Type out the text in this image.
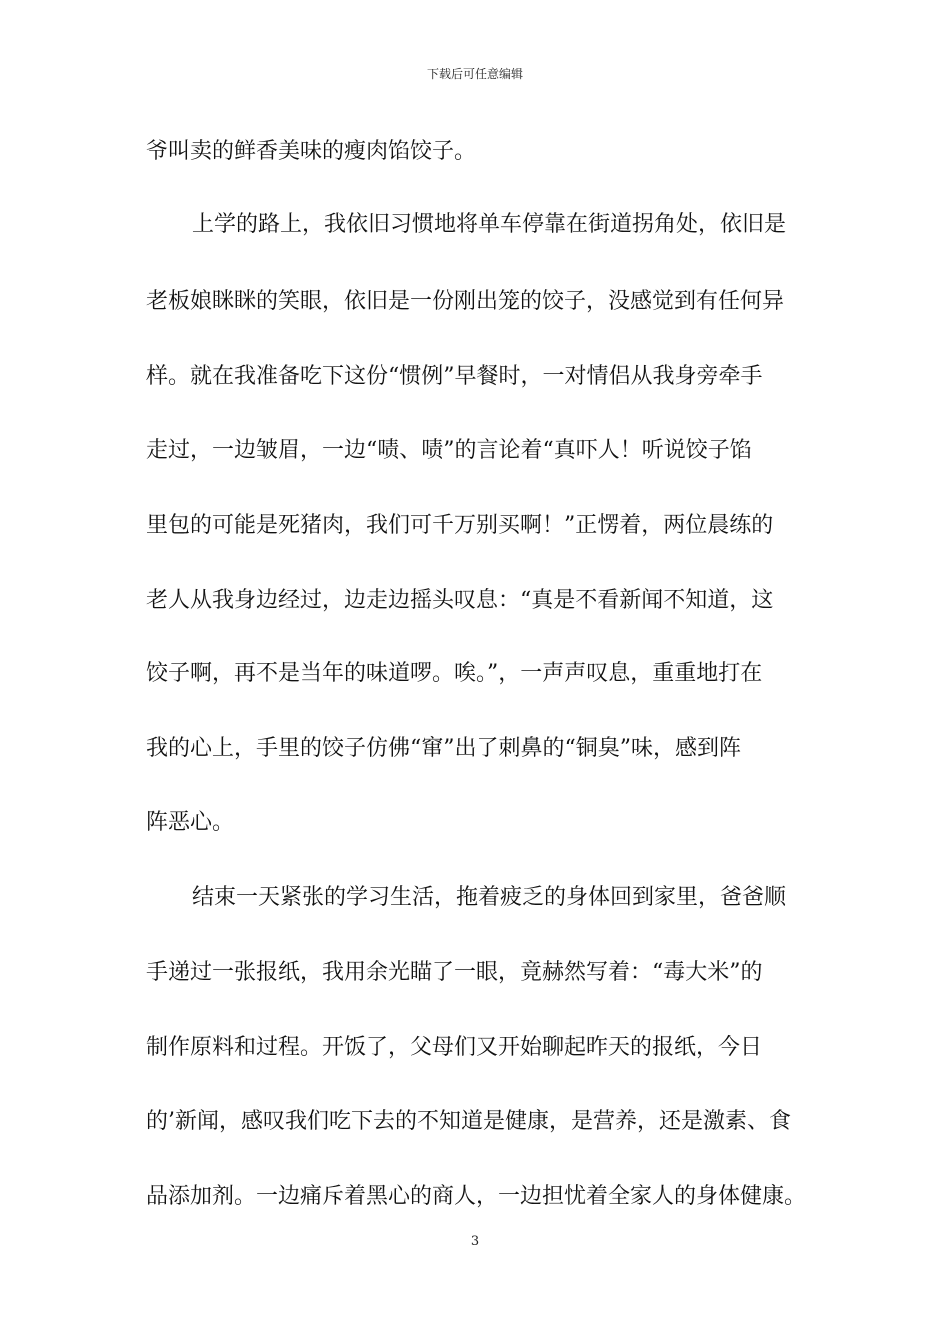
下载后可任意编辑
爷叫卖的鲜香美味的瘦肉馅饺子。
上学的路上，我依旧习惯地将单车停靠在街道拐角处，依旧是
老板娘眯眯的笑眼，依旧是一份刚出笼的饺子，没感觉到有任何异
样。就在我准备吃下这份“惯例”早餐时，一对情侣从我身旁牵手
走过，一边皱眉，一边“啧、啧”的言论着“真吓人！听说饺子馅
里包的可能是死猪肉，我们可千万别买啊！”正愣着，两位晨练的
老人从我身边经过，边走边摇头叹息：“真是不看新闻不知道，这
饺子啊，再不是当年的味道啰。唉。”，一声声叹息，重重地打在
我的心上，手里的饺子仿佛“窜”出了刺鼻的“铜臭”味，感到阵
阵恶心。
结束一天紧张的学习生活，拖着疲乏的身体回到家里，爸爸顺
手递过一张报纸，我用余光瞄了一眼，竟赫然写着：“毒大米”的
制作原料和过程。开饭了，父母们又开始聊起昨天的报纸，今日
的’新闻，感叹我们吃下去的不知道是健康，是营养，还是激素、食
品添加剂。一边痛斥着黑心的商人，一边担忧着全家人的身体健康。
3
